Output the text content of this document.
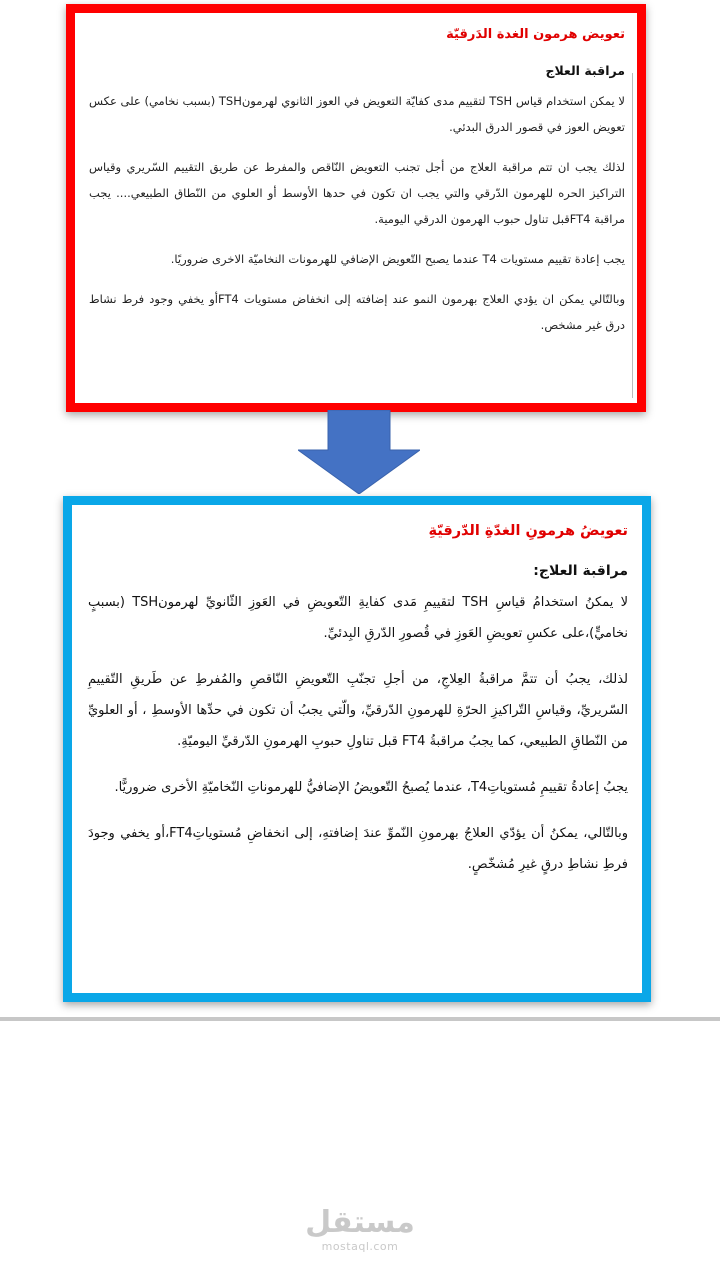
تعويض هرمون الغدة الدَرقيّة
مراقبة العلاج

لا يمكن استخدام قياس TSH لتقييم مدى كفايّة التعويض في العوز الثانوي لهرمونTSH (بسبب نخامي) على عكس تعويض العوز في قصور الدرق البدئي.

لذلك يجب ان تتم مراقبة العلاج من أجل تجنب التعويض النّاقص والمفرط عن طريق التقييم السّريري وقياس التراكيز الحره للهرمون الدّرقي والتي يجب ان تكون في حدها الأوسط أو العلوي من النّطاق الطبيعي.... يجب مراقبة FT4قبل تناول حبوب الهرمون الدرقي اليومية.

يجب إعادة تقييم مستويات T4 عندما يصبح التّعويض الإضافي للهرمونات النخاميّة الاخرى ضروريًا.

وبالتّالي يمكن ان يؤدي العلاج بهرمون النمو عند إضافته إلى انخفاض مستويات FT4أو يخفي وجود فرط نشاط درق غير مشخص.

تعويضُ هرمونِ الغدّةِ الدّرقيّةِ
مراقبة العلاج:

لا يمكنُ استخدامُ قياسِ TSH لتقييمِ مَدى كفايةِ التّعويضِ في العَوزِ الثّانويِّ لهرمونTSH (بسببٍ نخاميٍّ)،على عكسِ تعويضِ العَوزِ في قُصورِ الدّرقِ البِدئيِّ.

لذلك، يجبُ أن تتمَّ مراقبةُ العِلاجِ، من أجلِ تجنّبِ التّعويضِ النّاقصِ والمُفرطِ عن طَريقِ التّقييمِ السّريريِّ، وقياسِ التّراكيزِ الحرّةِ للهرمونِ الدّرقيِّ، والّتي يجبُ أن تكون في حدِّها الأوسطِ ، أو العلويِّ من النّطاقِ الطبيعي، كما يجبُ مراقبةُ FT4 قبل تناولِ حبوبِ الهرمونِ الدّرقيِّ اليوميّةِ.

يجبُ إعادةُ تقييمِ مُستوياتِT4، عندما يُصبحُ التّعويضُ الإضافيُّ للهرموناتِ النّخاميّةِ الأخرى ضروريًّا.

وبالتّالي، يمكنُ أن يؤدّي العلاجُ بهرمونِ النّموِّ عندَ إضافتهِ، إلى انخفاضِ مُستوياتِFT4،أو يخفي وجودَ فرطِ نشاطِ درقٍ غيرِ مُشخّصٍ.

مستقل
mostaql.com
